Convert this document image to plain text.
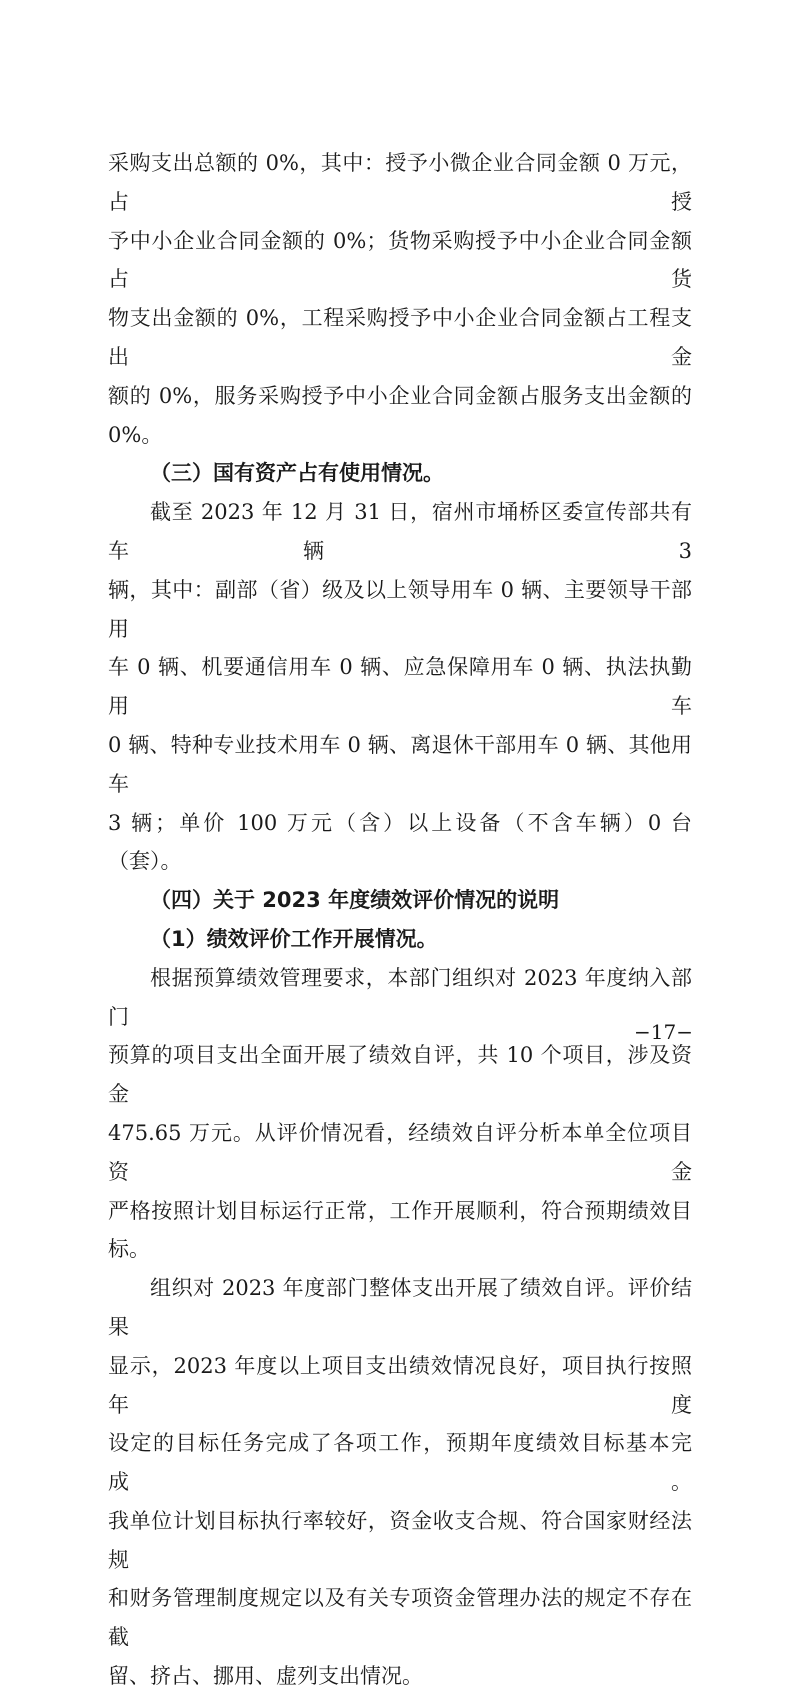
采购支出总额的 0%，其中：授予小微企业合同金额 0 万元，占授

予中小企业合同金额的 0%；货物采购授予中小企业合同金额占货

物支出金额的 0%，工程采购授予中小企业合同金额占工程支出金

额的 0%，服务采购授予中小企业合同金额占服务支出金额的 0%。

（三）国有资产占有使用情况。

截至 2023 年 12 月 31 日，宿州市埇桥区委宣传部共有车辆 3

辆，其中：副部（省）级及以上领导用车 0 辆、主要领导干部用

车 0 辆、机要通信用车 0 辆、应急保障用车 0 辆、执法执勤用车

0 辆、特种专业技术用车 0 辆、离退休干部用车 0 辆、其他用车

3 辆；单价 100 万元（含）以上设备（不含车辆）0 台（套）。

（四）关于 2023 年度绩效评价情况的说明

（1）绩效评价工作开展情况。

根据预算绩效管理要求，本部门组织对 2023 年度纳入部门

预算的项目支出全面开展了绩效自评，共 10 个项目，涉及资金

475.65 万元。从评价情况看，经绩效自评分析本单全位项目资金

严格按照计划目标运行正常，工作开展顺利，符合预期绩效目标。

组织对 2023 年度部门整体支出开展了绩效自评。评价结果

显示，2023 年度以上项目支出绩效情况良好，项目执行按照年度

设定的目标任务完成了各项工作，预期年度绩效目标基本完成。

我单位计划目标执行率较好，资金收支合规、符合国家财经法规

和财务管理制度规定以及有关专项资金管理办法的规定不存在截

留、挤占、挪用、虚列支出情况。

−17−
